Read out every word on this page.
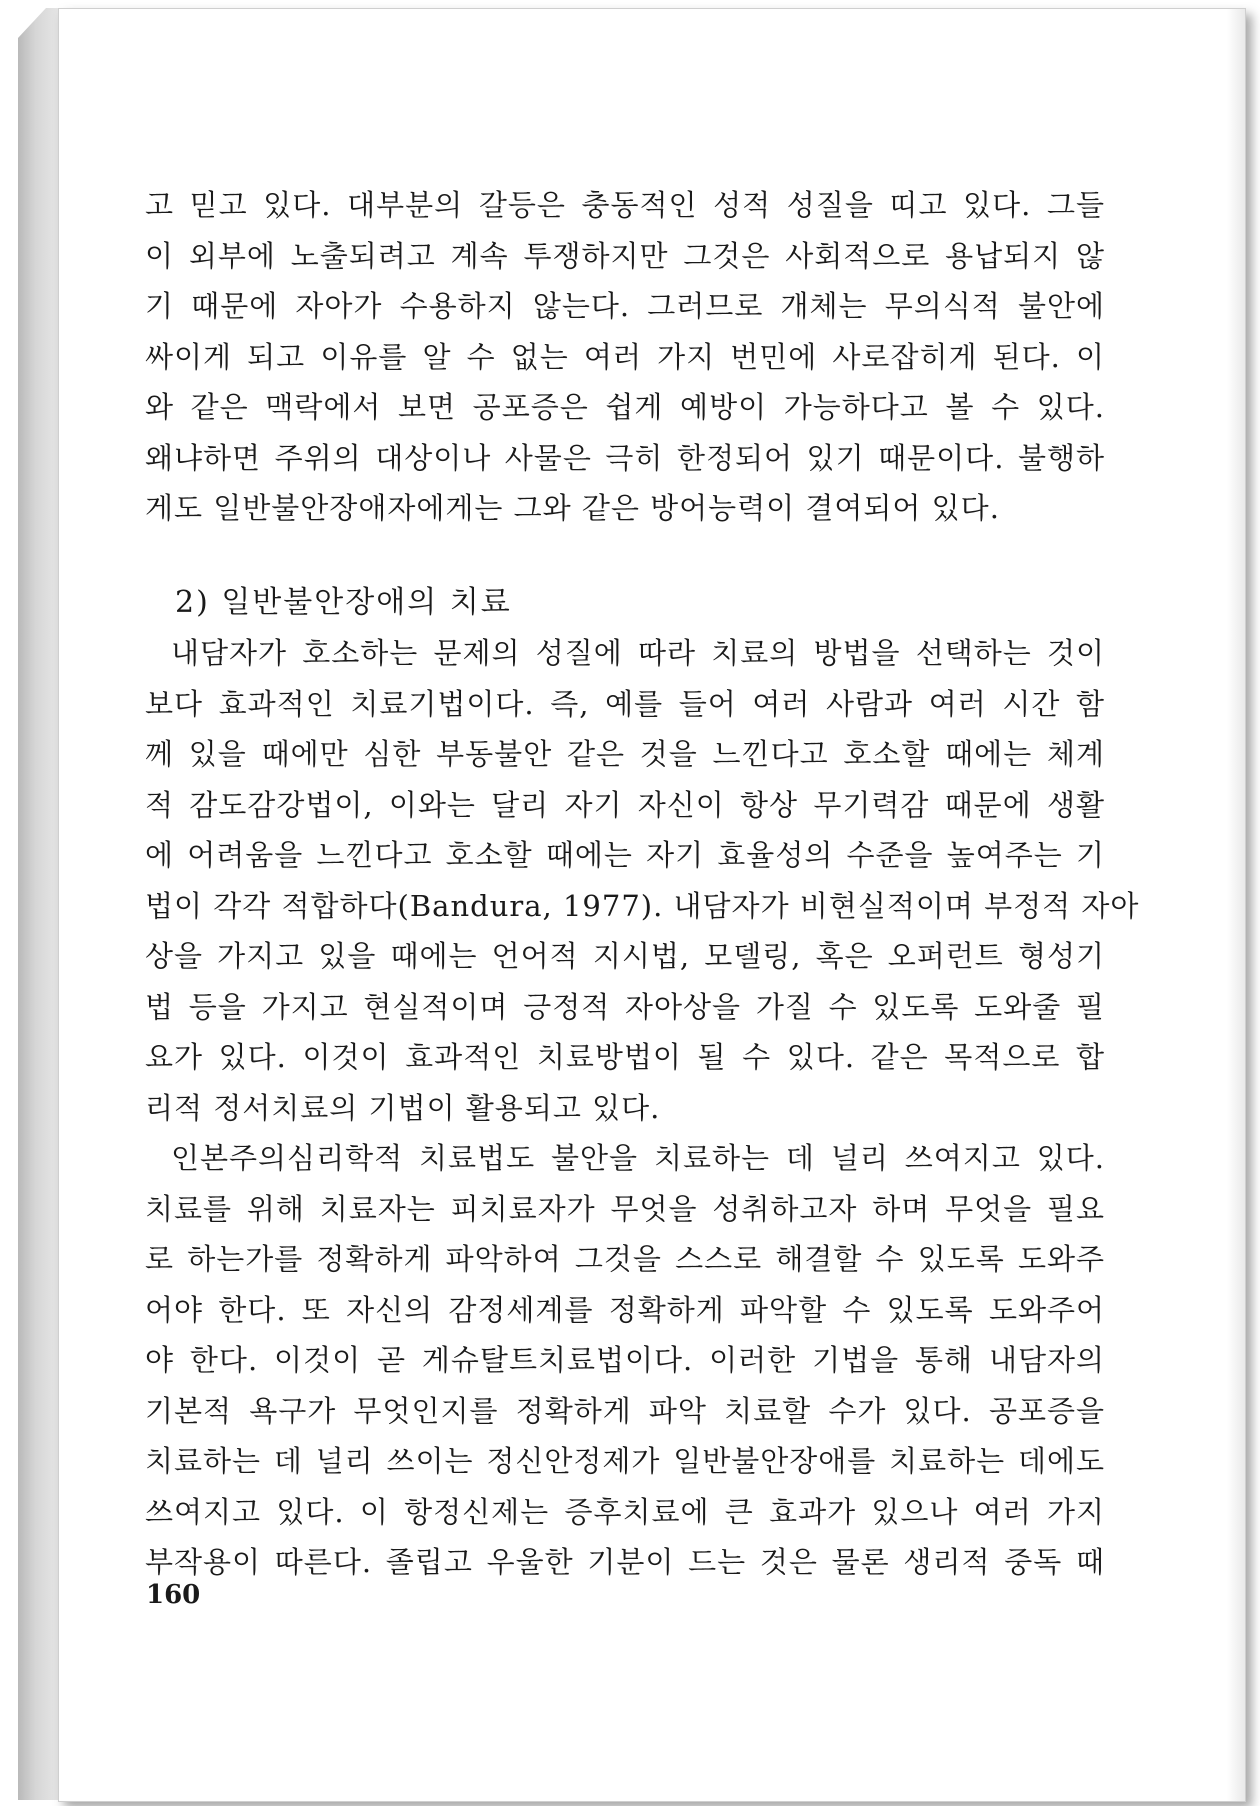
고 믿고 있다. 대부분의 갈등은 충동적인 성적 성질을 띠고 있다. 그들
이 외부에 노출되려고 계속 투쟁하지만 그것은 사회적으로 용납되지 않
기 때문에 자아가 수용하지 않는다. 그러므로 개체는 무의식적 불안에
싸이게 되고 이유를 알 수 없는 여러 가지 번민에 사로잡히게 된다. 이
와 같은 맥락에서 보면 공포증은 쉽게 예방이 가능하다고 볼 수 있다.
왜냐하면 주위의 대상이나 사물은 극히 한정되어 있기 때문이다. 불행하
게도 일반불안장애자에게는 그와 같은 방어능력이 결여되어 있다.
2) 일반불안장애의 치료
내담자가 호소하는 문제의 성질에 따라 치료의 방법을 선택하는 것이
보다 효과적인 치료기법이다. 즉, 예를 들어 여러 사람과 여러 시간 함
께 있을 때에만 심한 부동불안 같은 것을 느낀다고 호소할 때에는 체계
적 감도감강법이, 이와는 달리 자기 자신이 항상 무기력감 때문에 생활
에 어려움을 느낀다고 호소할 때에는 자기 효율성의 수준을 높여주는 기
법이 각각 적합하다(Bandura, 1977). 내담자가 비현실적이며 부정적 자아
상을 가지고 있을 때에는 언어적 지시법, 모델링, 혹은 오퍼런트 형성기
법 등을 가지고 현실적이며 긍정적 자아상을 가질 수 있도록 도와줄 필
요가 있다. 이것이 효과적인 치료방법이 될 수 있다. 같은 목적으로 합
리적 정서치료의 기법이 활용되고 있다.
인본주의심리학적 치료법도 불안을 치료하는 데 널리 쓰여지고 있다.
치료를 위해 치료자는 피치료자가 무엇을 성취하고자 하며 무엇을 필요
로 하는가를 정확하게 파악하여 그것을 스스로 해결할 수 있도록 도와주
어야 한다. 또 자신의 감정세계를 정확하게 파악할 수 있도록 도와주어
야 한다. 이것이 곧 게슈탈트치료법이다. 이러한 기법을 통해 내담자의
기본적 욕구가 무엇인지를 정확하게 파악 치료할 수가 있다. 공포증을
치료하는 데 널리 쓰이는 정신안정제가 일반불안장애를 치료하는 데에도
쓰여지고 있다. 이 항정신제는 증후치료에 큰 효과가 있으나 여러 가지
부작용이 따른다. 졸립고 우울한 기분이 드는 것은 물론 생리적 중독 때
160
